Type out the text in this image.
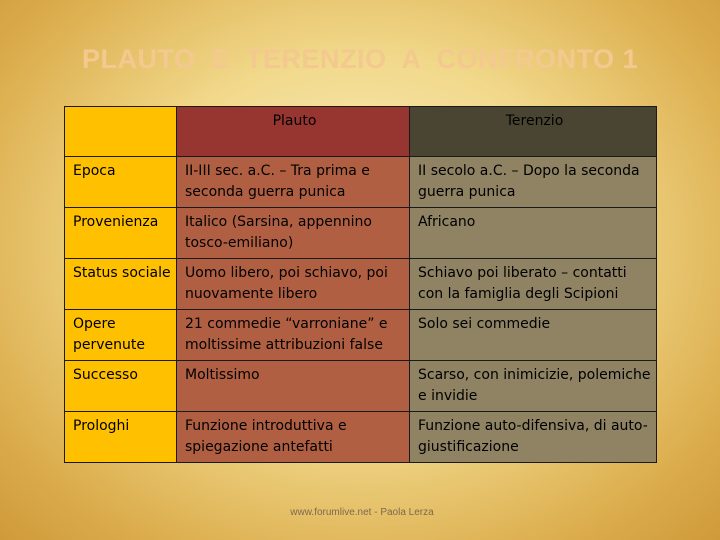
PLAUTO  E  TERENZIO  A  CONFRONTO 1
	Plauto	Terenzio
Epoca	II-III sec. a.C. – Tra prima e seconda guerra punica	II secolo a.C. – Dopo la seconda guerra punica
Provenienza	Italico (Sarsina, appennino tosco-emiliano)	Africano
Status sociale	Uomo libero, poi schiavo, poi nuovamente libero	Schiavo poi liberato – contatti con la famiglia degli Scipioni
Opere pervenute	21 commedie “varroniane” e moltissime attribuzioni false	Solo sei commedie
Successo	Moltissimo	Scarso, con inimicizie, polemiche e invidie
Prologhi	Funzione introduttiva e spiegazione antefatti	Funzione auto-difensiva, di auto-giustificazione
www.forumlive.net - Paola Lerza
